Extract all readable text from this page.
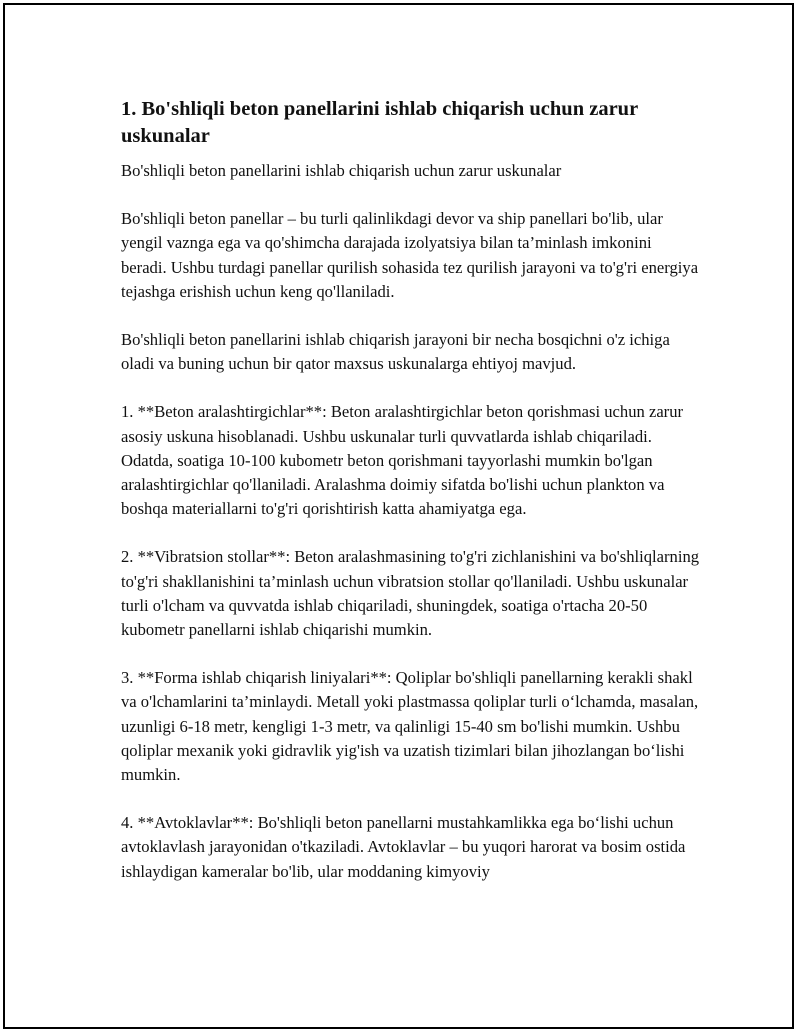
1. Bo'shliqli beton panellarini ishlab chiqarish uchun zarur uskunalar

Bo'shliqli beton panellarini ishlab chiqarish uchun zarur uskunalar

Bo'shliqli beton panellar – bu turli qalinlikdagi devor va ship panellari bo'lib, ular yengil vaznga ega va qo'shimcha darajada izolyatsiya bilan ta’minlash imkonini beradi. Ushbu turdagi panellar qurilish sohasida tez qurilish jarayoni va to'g'ri energiya tejashga erishish uchun keng qo'llaniladi.

Bo'shliqli beton panellarini ishlab chiqarish jarayoni bir necha bosqichni o'z ichiga oladi va buning uchun bir qator maxsus uskunalarga ehtiyoj mavjud.

1. **Beton aralashtirgichlar**: Beton aralashtirgichlar beton qorishmasi uchun zarur asosiy uskuna hisoblanadi. Ushbu uskunalar turli quvvatlarda ishlab chiqariladi. Odatda, soatiga 10-100 kubometr beton qorishmani tayyorlashi mumkin bo'lgan aralashtirgichlar qo'llaniladi. Aralashma doimiy sifatda bo'lishi uchun plankton va boshqa materiallarni to'g'ri qorishtirish katta ahamiyatga ega.

2. **Vibratsion stollar**: Beton aralashmasining to'g'ri zichlanishini va bo'shliqlarning to'g'ri shakllanishini ta’minlash uchun vibratsion stollar qo'llaniladi. Ushbu uskunalar turli o'lcham va quvvatda ishlab chiqariladi, shuningdek, soatiga o'rtacha 20-50 kubometr panellarni ishlab chiqarishi mumkin.

3. **Forma ishlab chiqarish liniyalari**: Qoliplar bo'shliqli panellarning kerakli shakl va o'lchamlarini ta’minlaydi. Metall yoki plastmassa qoliplar turli o‘lchamda, masalan, uzunligi 6-18 metr, kengligi 1-3 metr, va qalinligi 15-40 sm bo'lishi mumkin. Ushbu qoliplar mexanik yoki gidravlik yig'ish va uzatish tizimlari bilan jihozlangan bo‘lishi mumkin.

4. **Avtoklavlar**: Bo'shliqli beton panellarni mustahkamlikka ega bo‘lishi uchun avtoklavlash jarayonidan o'tkaziladi. Avtoklavlar – bu yuqori harorat va bosim ostida ishlaydigan kameralar bo'lib, ular moddaning kimyoviy
